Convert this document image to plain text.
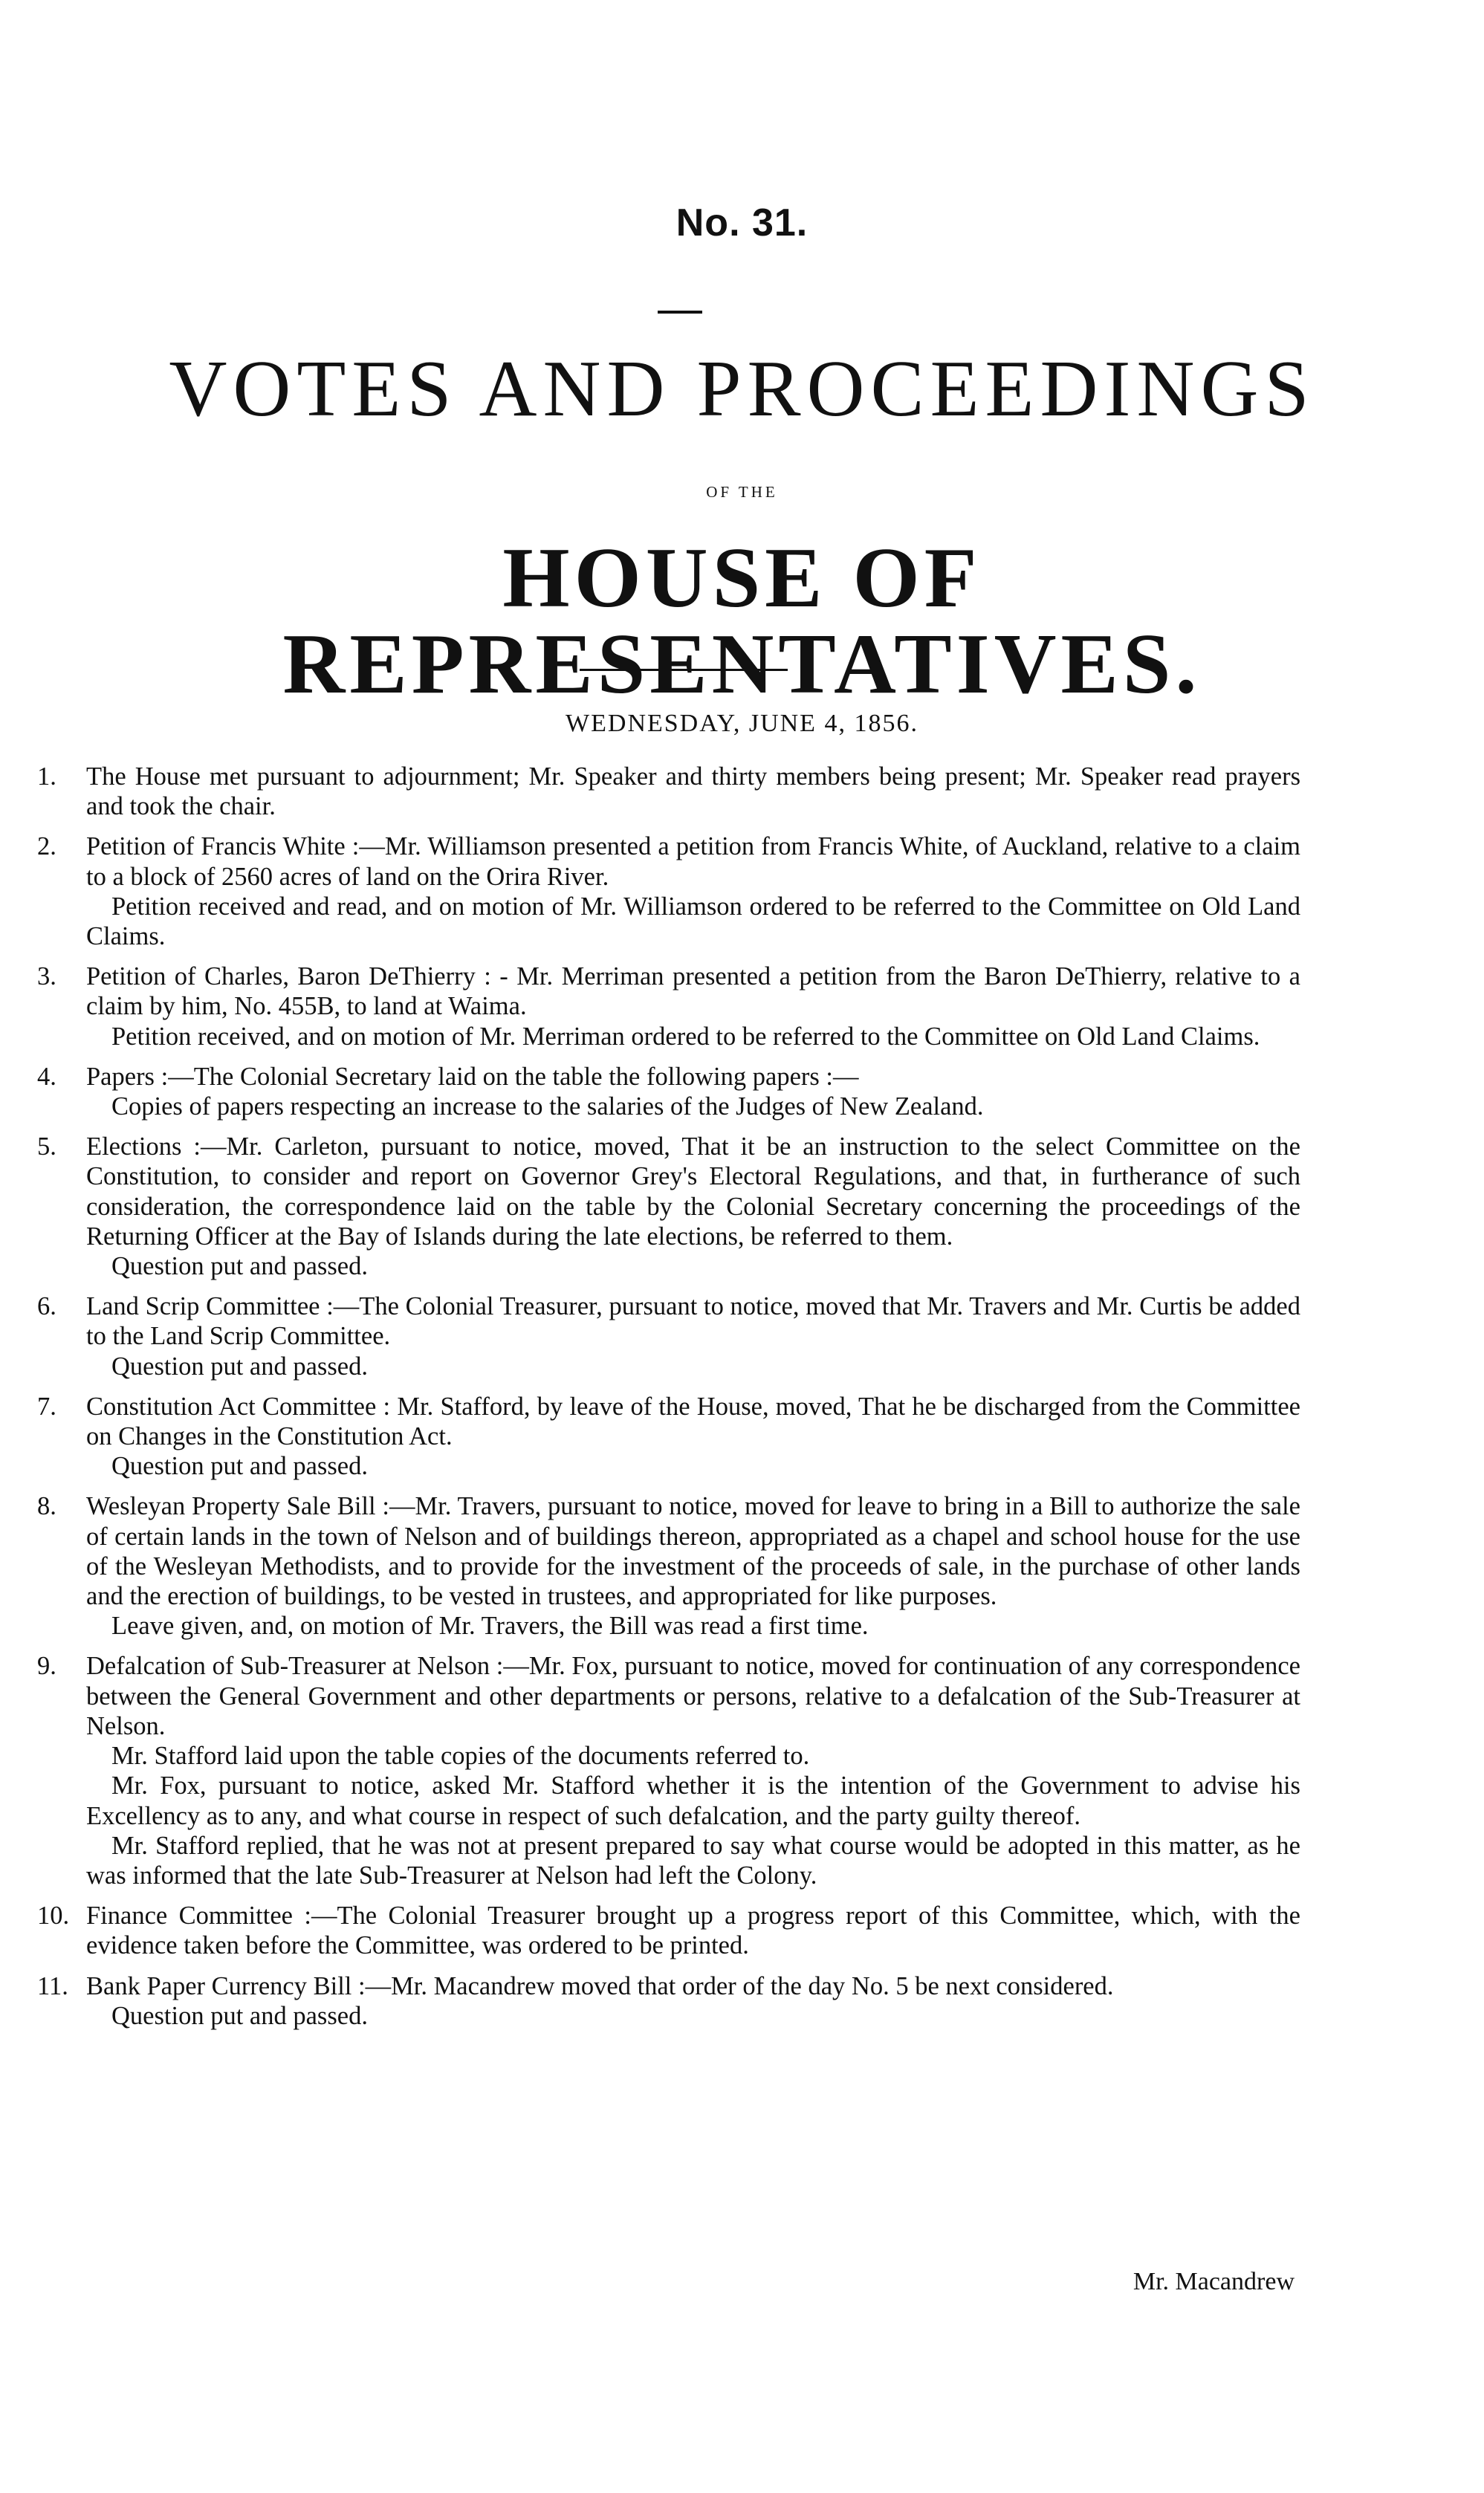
No. 31.
VOTES AND PROCEEDINGS
OF THE
HOUSE OF REPRESENTATIVES.
WEDNESDAY, JUNE 4, 1856.
1. The House met pursuant to adjournment; Mr. Speaker and thirty members being present; Mr. Speaker read prayers and took the chair.

2. Petition of Francis White :—Mr. Williamson presented a petition from Francis White, of Auckland, relative to a claim to a block of 2560 acres of land on the Orira River.

Petition received and read, and on motion of Mr. Williamson ordered to be referred to the Committee on Old Land Claims.

3. Petition of Charles, Baron DeThierry : - Mr. Merriman presented a petition from the Baron DeThierry, relative to a claim by him, No. 455B, to land at Waima.

Petition received, and on motion of Mr. Merriman ordered to be referred to the Committee on Old Land Claims.

4. Papers :—The Colonial Secretary laid on the table the following papers :—

Copies of papers respecting an increase to the salaries of the Judges of New Zealand.

5. Elections :—Mr. Carleton, pursuant to notice, moved, That it be an instruction to the select Committee on the Constitution, to consider and report on Governor Grey's Electoral Regulations, and that, in furtherance of such consideration, the correspondence laid on the table by the Colonial Secretary concerning the proceedings of the Returning Officer at the Bay of Islands during the late elections, be referred to them.

Question put and passed.

6. Land Scrip Committee :—The Colonial Treasurer, pursuant to notice, moved that Mr. Travers and Mr. Curtis be added to the Land Scrip Committee.

Question put and passed.

7. Constitution Act Committee : Mr. Stafford, by leave of the House, moved, That he be discharged from the Committee on Changes in the Constitution Act.

Question put and passed.

8. Wesleyan Property Sale Bill :—Mr. Travers, pursuant to notice, moved for leave to bring in a Bill to authorize the sale of certain lands in the town of Nelson and of buildings thereon, appropriated as a chapel and school house for the use of the Wesleyan Methodists, and to provide for the investment of the proceeds of sale, in the purchase of other lands and the erection of buildings, to be vested in trustees, and appropriated for like purposes.

Leave given, and, on motion of Mr. Travers, the Bill was read a first time.

9. Defalcation of Sub-Treasurer at Nelson :—Mr. Fox, pursuant to notice, moved for continuation of any correspondence between the General Government and other departments or persons, relative to a defalcation of the Sub-Treasurer at Nelson.

Mr. Stafford laid upon the table copies of the documents referred to.

Mr. Fox, pursuant to notice, asked Mr. Stafford whether it is the intention of the Government to advise his Excellency as to any, and what course in respect of such defalcation, and the party guilty thereof.

Mr. Stafford replied, that he was not at present prepared to say what course would be adopted in this matter, as he was informed that the late Sub-Treasurer at Nelson had left the Colony.

10. Finance Committee :—The Colonial Treasurer brought up a progress report of this Committee, which, with the evidence taken before the Committee, was ordered to be printed.

11. Bank Paper Currency Bill :—Mr. Macandrew moved that order of the day No. 5 be next considered.

Question put and passed.

Mr. Macandrew
